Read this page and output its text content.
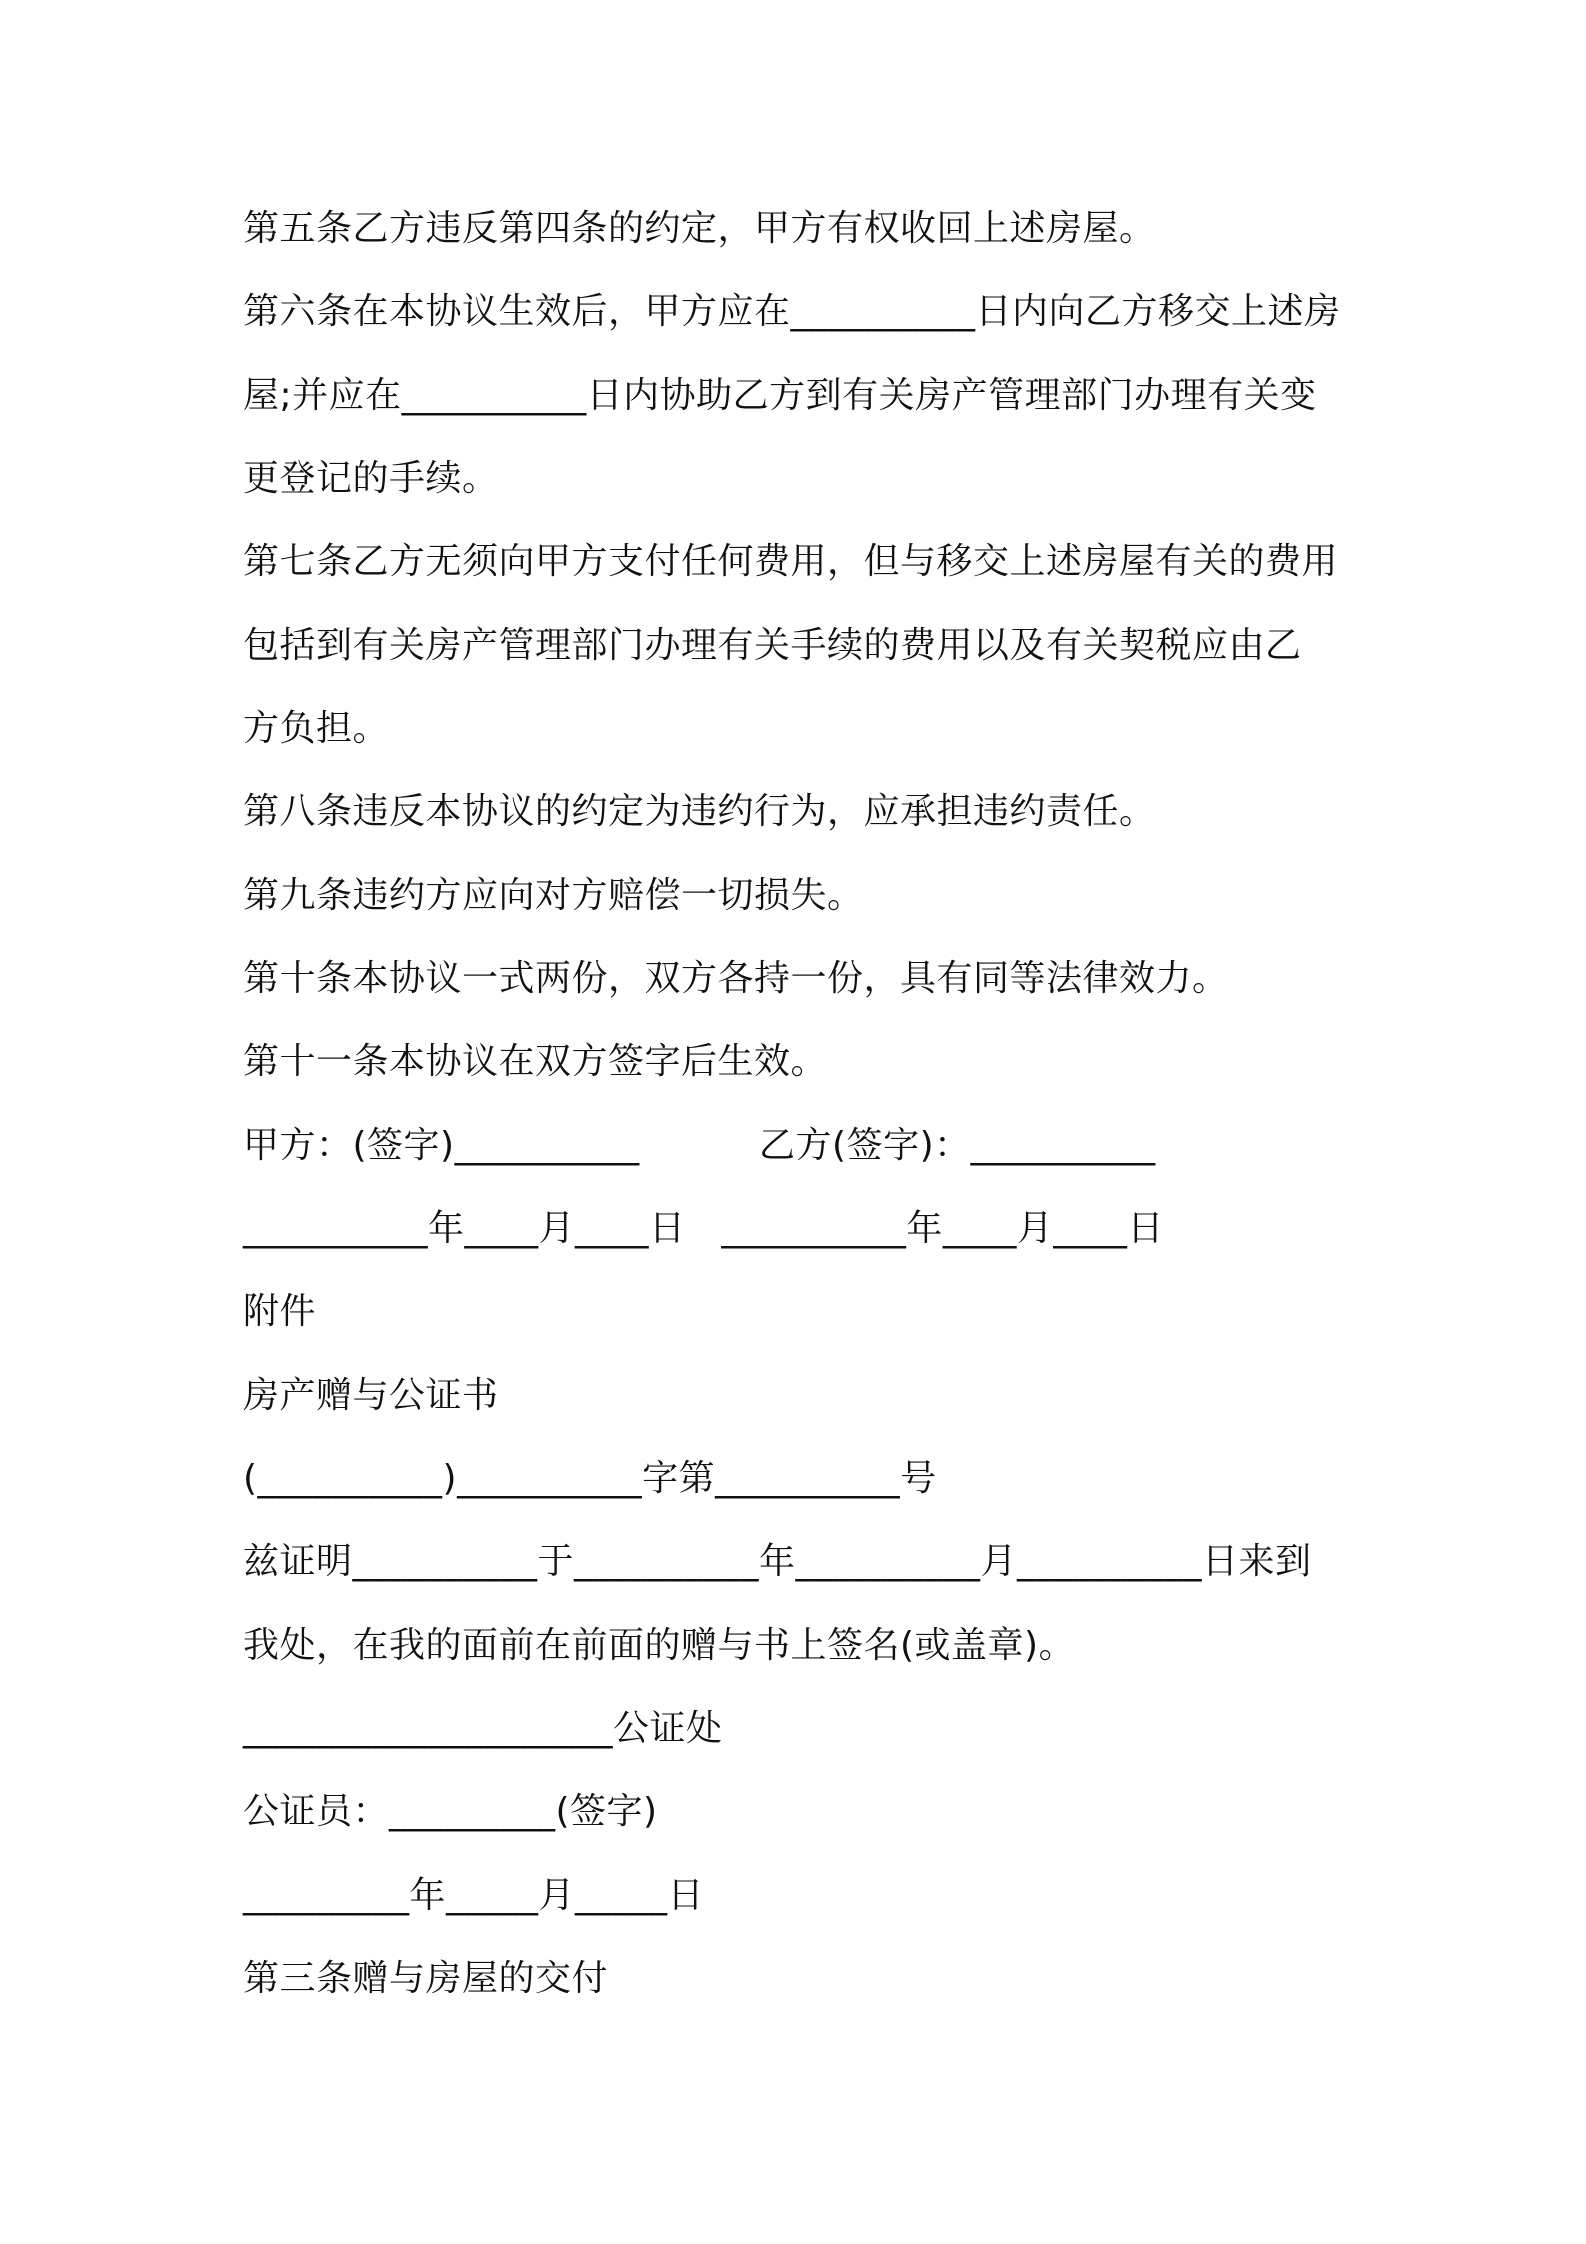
第五条乙方违反第四条的约定，甲方有权收回上述房屋。
第六条在本协议生效后，甲方应在__________日内向乙方移交上述房
屋;并应在__________日内协助乙方到有关房产管理部门办理有关变
更登记的手续。
第七条乙方无须向甲方支付任何费用，但与移交上述房屋有关的费用
包括到有关房产管理部门办理有关手续的费用以及有关契税应由乙
方负担。
第八条违反本协议的约定为违约行为，应承担违约责任。
第九条违约方应向对方赔偿一切损失。
第十条本协议一式两份，双方各持一份，具有同等法律效力。
第十一条本协议在双方签字后生效。
甲方：(签字)__________          乙方(签字)：__________
__________年____月____日   __________年____月____日
附件
房产赠与公证书
(__________)__________字第__________号
兹证明__________于__________年__________月__________日来到
我处，在我的面前在前面的赠与书上签名(或盖章)。
____________________公证处
公证员：_________(签字)
_________年_____月_____日
第三条赠与房屋的交付
